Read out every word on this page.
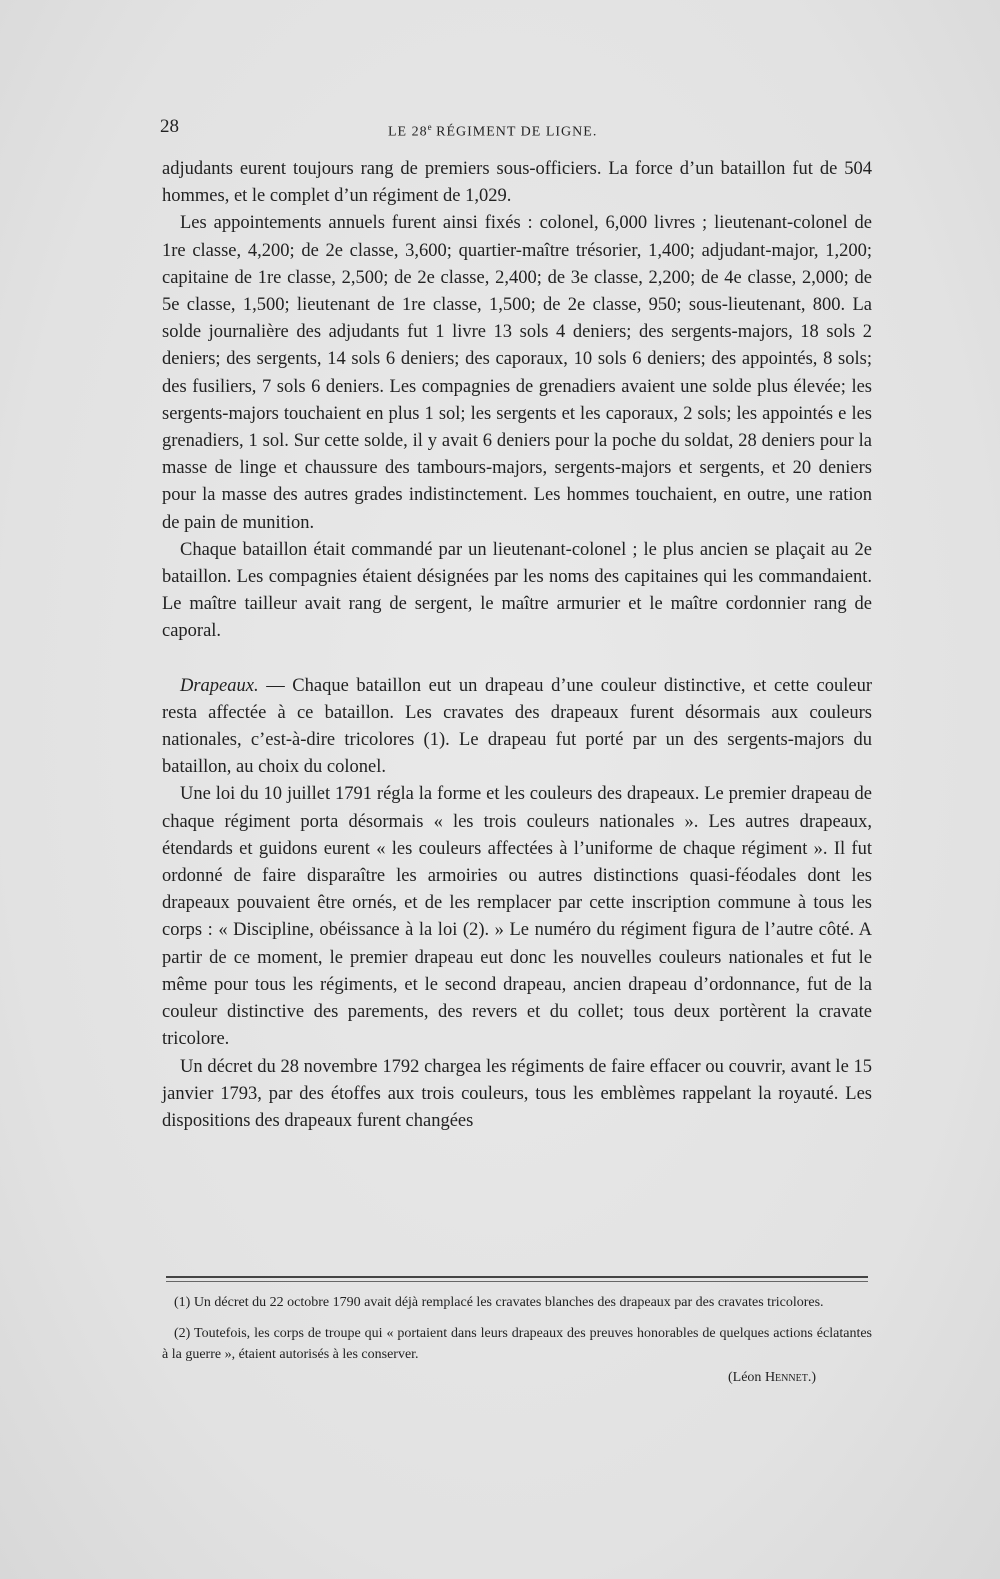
28	LE 28e RÉGIMENT DE LIGNE.

adjudants eurent toujours rang de premiers sous-officiers. La force d’un bataillon fut de 504 hommes, et le complet d’un régiment de 1,029.

Les appointements annuels furent ainsi fixés : colonel, 6,000 livres ; lieutenant-colonel de 1re classe, 4,200; de 2e classe, 3,600; quartier-maître trésorier, 1,400; adjudant-major, 1,200; capitaine de 1re classe, 2,500; de 2e classe, 2,400; de 3e classe, 2,200; de 4e classe, 2,000; de 5e classe, 1,500; lieutenant de 1re classe, 1,500; de 2e classe, 950; sous-lieutenant, 800. La solde journalière des adjudants fut 1 livre 13 sols 4 deniers; des sergents-majors, 18 sols 2 deniers; des sergents, 14 sols 6 deniers; des caporaux, 10 sols 6 deniers; des appointés, 8 sols; des fusiliers, 7 sols 6 deniers. Les compagnies de grenadiers avaient une solde plus élevée; les sergents-majors touchaient en plus 1 sol; les sergents et les caporaux, 2 sols; les appointés e les grenadiers, 1 sol. Sur cette solde, il y avait 6 deniers pour la poche du soldat, 28 deniers pour la masse de linge et chaussure des tambours-majors, sergents-majors et sergents, et 20 deniers pour la masse des autres grades indistinctement. Les hommes touchaient, en outre, une ration de pain de munition.

Chaque bataillon était commandé par un lieutenant-colonel ; le plus ancien se plaçait au 2e bataillon. Les compagnies étaient désignées par les noms des capitaines qui les commandaient. Le maître tailleur avait rang de sergent, le maître armurier et le maître cordonnier rang de caporal.

Drapeaux. — Chaque bataillon eut un drapeau d’une couleur distinctive, et cette couleur resta affectée à ce bataillon. Les cravates des drapeaux furent désormais aux couleurs nationales, c’est-à-dire tricolores (1). Le drapeau fut porté par un des sergents-majors du bataillon, au choix du colonel.

Une loi du 10 juillet 1791 régla la forme et les couleurs des drapeaux. Le premier drapeau de chaque régiment porta désormais « les trois couleurs nationales ». Les autres drapeaux, étendards et guidons eurent « les couleurs affectées à l’uniforme de chaque régiment ». Il fut ordonné de faire disparaître les armoiries ou autres distinctions quasi-féodales dont les drapeaux pouvaient être ornés, et de les remplacer par cette inscription commune à tous les corps : « Discipline, obéissance à la loi (2). » Le numéro du régiment figura de l’autre côté. A partir de ce moment, le premier drapeau eut donc les nouvelles couleurs nationales et fut le même pour tous les régiments, et le second drapeau, ancien drapeau d’ordonnance, fut de la couleur distinctive des parements, des revers et du collet; tous deux portèrent la cravate tricolore.

Un décret du 28 novembre 1792 chargea les régiments de faire effacer ou couvrir, avant le 15 janvier 1793, par des étoffes aux trois couleurs, tous les emblèmes rappelant la royauté. Les dispositions des drapeaux furent changées

(1) Un décret du 22 octobre 1790 avait déjà remplacé les cravates blanches des drapeaux par des cravates tricolores.

(2) Toutefois, les corps de troupe qui « portaient dans leurs drapeaux des preuves honorables de quelques actions éclatantes à la guerre », étaient autorisés à les conserver.

(Léon Hennet.)
